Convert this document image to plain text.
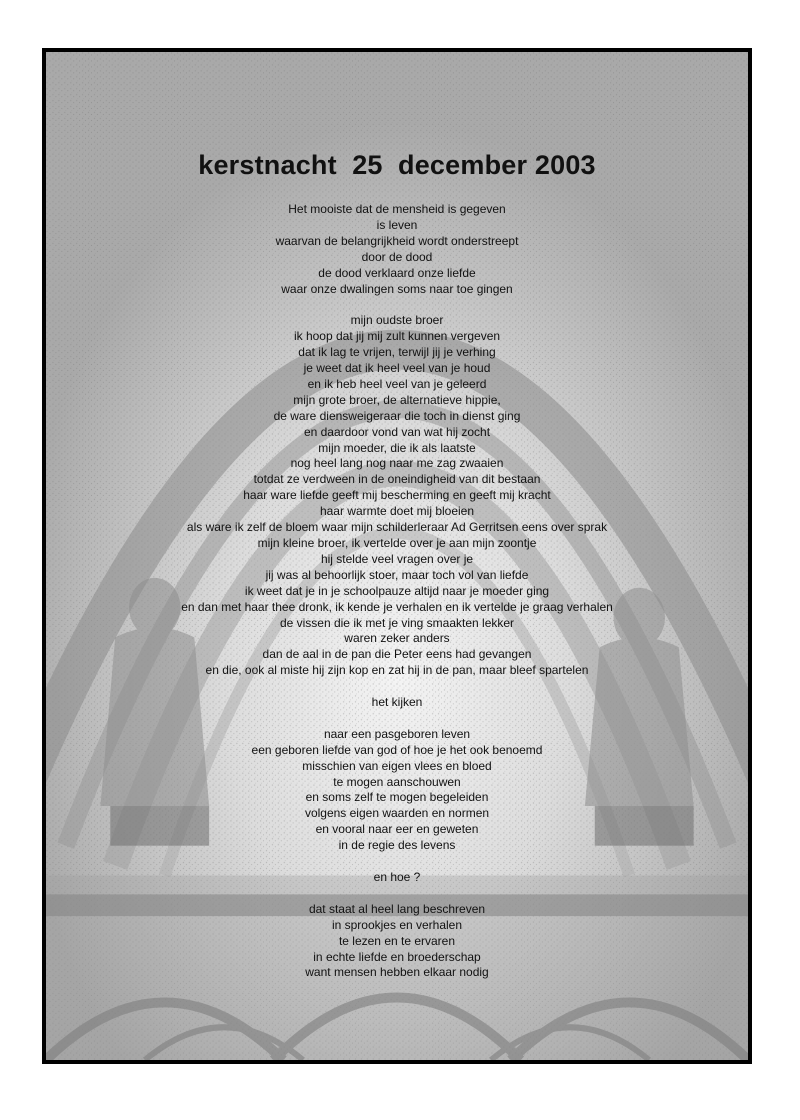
kerstnacht  25  december 2003
Het mooiste dat de mensheid is gegeven
is leven
waarvan de belangrijkheid wordt onderstreept
door de dood
de dood verklaard onze liefde
waar onze dwalingen soms naar toe gingen
mijn oudste broer
ik hoop dat jij mij zult kunnen vergeven
dat ik lag te vrijen, terwijl jij je verhing
je weet dat ik heel veel van je houd
en ik heb heel veel van je geleerd
mijn grote broer, de alternatieve hippie,
de ware diensweigeraar die toch in dienst ging
en daardoor vond van wat hij zocht
mijn moeder, die ik als laatste
nog heel lang nog naar me zag zwaaien
totdat ze verdween in de oneindigheid van dit bestaan
haar ware liefde geeft mij bescherming en geeft mij kracht
haar warmte doet mij bloeien
als ware ik zelf de bloem waar mijn schilderleraar Ad Gerritsen eens over sprak
mijn kleine broer, ik vertelde over je aan mijn zoontje
hij stelde veel vragen over je
jij was al behoorlijk stoer, maar toch vol van liefde
ik weet dat je in je schoolpauze altijd naar je moeder ging
en dan met haar thee dronk, ik kende je verhalen en ik vertelde je graag verhalen
de vissen die ik met je ving smaakten lekker
waren zeker anders
dan de aal in de pan die Peter eens had gevangen
en die, ook al miste hij zijn kop en zat hij in de pan, maar bleef spartelen
het kijken
naar een pasgeboren leven
een geboren liefde van god of hoe je het ook benoemd
misschien van eigen vlees en bloed
te mogen aanschouwen
en soms zelf te mogen begeleiden
volgens eigen waarden en normen
en vooral naar eer en geweten
in de regie des levens
en hoe ?
dat staat al heel lang beschreven
in sprookjes en verhalen
te lezen en te ervaren
in echte liefde en broederschap
want mensen hebben elkaar nodig
